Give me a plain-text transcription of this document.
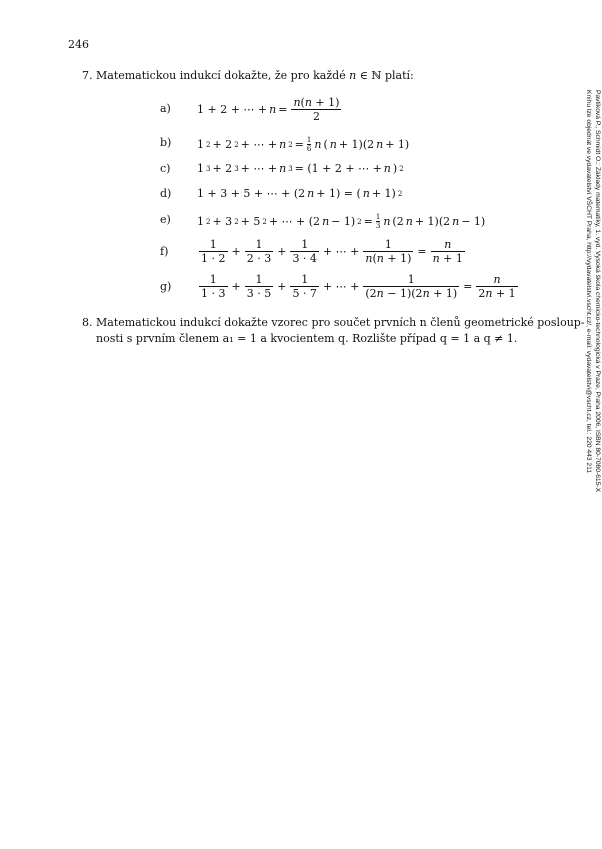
246
7. Matematickou indukcí dokažte, že pro každé n ∈ ℕ platí:
a) 1 + 2 + ⋯ + $n = \frac{n(n + 1)}{2}$
b) 1 2 + 2 2 + ⋯ + n $2 = \frac{1}{6}$ n ( n + 1)(2 n + 1)
c) 1 3 + 2 3 + ⋯ + n 3 = (1 + 2 + ⋯ + n ) 2
d) 1 + 3 + 5 + ⋯ + (2 n + 1) = ( n + 1) 2
e) 1 2 + 3 2 + 5 2 + ⋯ + (2 n − 1) $2 = \frac{1}{3}$ n (2 n + 1)(2 n − 1)
f)	$\frac{1}{1 \cdot 2} + \frac{1}{2 \cdot 3} + \frac{1}{3 \cdot 4}$ + ⋯ + $\frac{1}{n(n + 1)} = \frac{n}{n + 1}$
g)	$\frac{1}{1 \cdot 3} + \frac{1}{3 \cdot 5} + \frac{1}{5 \cdot 7}$ + ⋯ + $\frac{1}{(2n - 1)(2n + 1)} = \frac{n}{2n + 1}$
8. Matematickou indukcí dokažte vzorec pro součet prvních n členů geometrické posloup-
nosti s prvním členem a₁ = 1 a kvocientem q. Rozlište případ q = 1 a q ≠ 1.	Pavlíková P., Schmidt O.: Základy matematiky, 1. vyd. Vysoká škola chemicko-technologická v Praze, Praha 2006, ISBN 80-7080-615-X
Knihu lze objednat ve vydavatelství VŠCHT Praha, http://vydavatelstvi.vscht.cz/, e-mail: vydavatelstvi@vscht.cz, tel.: 220 443 211
